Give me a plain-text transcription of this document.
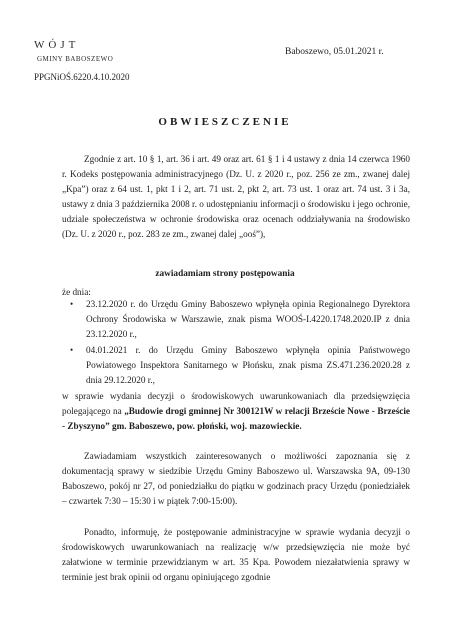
WÓJT
GMINY BABOSZEWO
PPGNiOŚ.6220.4.10.2020
Baboszewo, 05.01.2021 r.
OBWIESZCZENIE
Zgodnie z art. 10 § 1, art. 36 i art. 49 oraz art. 61 § 1 i 4 ustawy z dnia 14 czerwca 1960 r. Kodeks postępowania administracyjnego (Dz. U. z 2020 r., poz. 256 ze zm., zwanej dalej „Kpa”) oraz z 64 ust. 1, pkt 1 i 2, art. 71 ust. 2, pkt 2, art. 73 ust. 1 oraz art. 74 ust. 3 i 3a, ustawy z dnia 3 października 2008 r. o udostępnianiu informacji o środowisku i jego ochronie, udziale społeczeństwa w ochronie środowiska oraz ocenach oddziaływania na środowisko (Dz. U. z 2020 r., poz. 283 ze zm., zwanej dalej „ooś”),
zawiadamiam strony postępowania
że dnia:
• 23.12.2020 r. do Urzędu Gminy Baboszewo wpłynęła opinia Regionalnego Dyrektora Ochrony Środowiska w Warszawie, znak pisma WOOŚ-I.4220.1748.2020.IP z dnia 23.12.2020 r.,
• 04.01.2021 r. do Urzędu Gminy Baboszewo wpłynęła opinia Państwowego Powiatowego Inspektora Sanitarnego w Płońsku, znak pisma ZS.471.236.2020.28 z dnia 29.12.2020 r.,
w sprawie wydania decyzji o środowiskowych uwarunkowaniach dla przedsięwzięcia polegającego na „Budowie drogi gminnej Nr 300121W w relacji Brzeście Nowe - Brzeście - Zbyszyno” gm. Baboszewo, pow. płoński, woj. mazowieckie.
Zawiadamiam wszystkich zainteresowanych o możliwości zapoznania się z dokumentacją sprawy w siedzibie Urzędu Gminy Baboszewo ul. Warszawska 9A, 09-130 Baboszewo, pokój nr 27, od poniedziałku do piątku w godzinach pracy Urzędu (poniedziałek – czwartek 7:30 – 15:30 i w piątek 7:00-15:00).
Ponadto, informuję, że postępowanie administracyjne w sprawie wydania decyzji o środowiskowych uwarunkowaniach na realizację w/w przedsięwzięcia nie może być załatwione w terminie przewidzianym w art. 35 Kpa. Powodem niezałatwienia sprawy w terminie jest brak opinii od organu opiniującego zgodnie
